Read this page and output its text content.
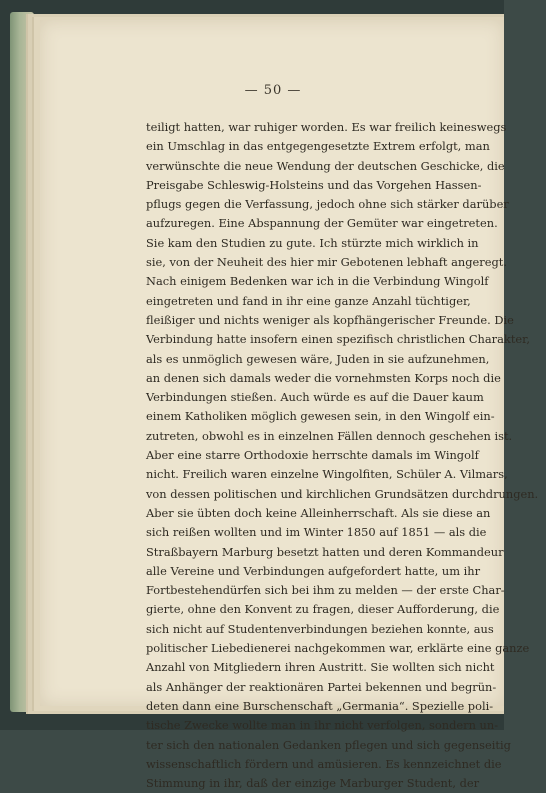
— 50 —
teiligt hatten, war ruhiger worden. Es war freilich keineswegs
ein Umschlag in das entgegengesetzte Extrem erfolgt, man
verwünschte die neue Wendung der deutschen Geschicke, die
Preisgabe Schleswig-Holsteins und das Vorgehen Hassen-
pflugs gegen die Verfassung, jedoch ohne sich stärker darüber
aufzuregen. Eine Abspannung der Gemüter war eingetreten.
Sie kam den Studien zu gute. Ich stürzte mich wirklich in
sie, von der Neuheit des hier mir Gebotenen lebhaft angeregt.
Nach einigem Bedenken war ich in die Verbindung Wingolf
eingetreten und fand in ihr eine ganze Anzahl tüchtiger,
fleißiger und nichts weniger als kopfhängerischer Freunde. Die
Verbindung hatte insofern einen spezifisch christlichen Charakter,
als es unmöglich gewesen wäre, Juden in sie aufzunehmen,
an denen sich damals weder die vornehmsten Korps noch die
Verbindungen stießen. Auch würde es auf die Dauer kaum
einem Katholiken möglich gewesen sein, in den Wingolf ein-
zutreten, obwohl es in einzelnen Fällen dennoch geschehen ist.
Aber eine starre Orthodoxie herrschte damals im Wingolf
nicht. Freilich waren einzelne Wingolfiten, Schüler A. Vilmars,
von dessen politischen und kirchlichen Grundsätzen durchdrungen.
Aber sie übten doch keine Alleinherrschaft. Als sie diese an
sich reißen wollten und im Winter 1850 auf 1851 — als die
Straßbayern Marburg besetzt hatten und deren Kommandeur
alle Vereine und Verbindungen aufgefordert hatte, um ihr
Fortbestehendürfen sich bei ihm zu melden — der erste Char-
gierte, ohne den Konvent zu fragen, dieser Aufforderung, die
sich nicht auf Studentenverbindungen beziehen konnte, aus
politischer Liebedienerei nachgekommen war, erklärte eine ganze
Anzahl von Mitgliedern ihren Austritt. Sie wollten sich nicht
als Anhänger der reaktionären Partei bekennen und begrün-
deten dann eine Burschenschaft „Germania“. Spezielle poli-
tische Zwecke wollte man in ihr nicht verfolgen, sondern un-
ter sich den nationalen Gedanken pflegen und sich gegenseitig
wissenschaftlich fördern und amüsieren. Es kennzeichnet die
Stimmung in ihr, daß der einzige Marburger Student, der
